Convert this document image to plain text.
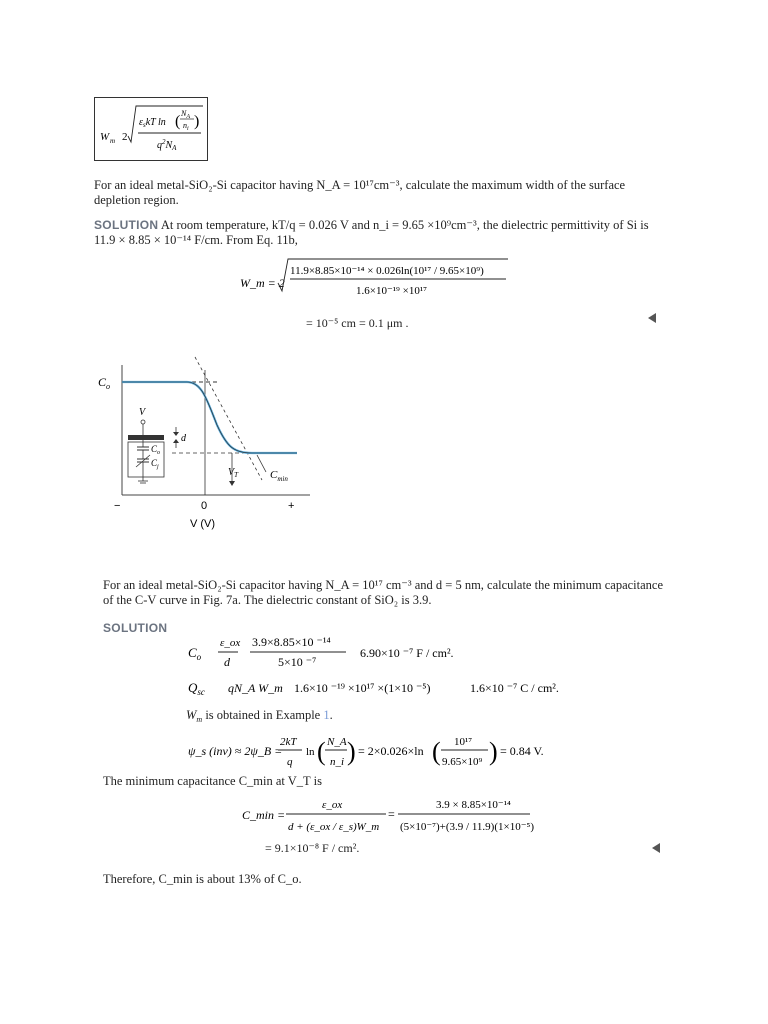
W m 2
$\varepsilon_skT$ ln ( $N_A$
$n_i$ )
$q^2N_A$
For an ideal metal-SiO₂-Si capacitor having N_A = 10¹⁷cm⁻³, calculate the maximum width of the surface depletion region.
SOLUTION At room temperature, kT/q = 0.026 V and n_i = 9.65 ×10⁹cm⁻³, the dielectric permittivity of Si is 11.9 × 8.85 × 10⁻¹⁴ F/cm. From Eq. 11b,
W_m = 2
11.9×8.85×10⁻¹⁴ × 0.026ln(10¹⁷ / 9.65×10⁹)
1.6×10⁻¹⁹ ×10¹⁷
= 10⁻⁵ cm = 0.1 μm .
$C_o$
V
$C_o$
$C_j$
d
$V_T$	$C_{min}$
−	0	+
V (V)
For an ideal metal-SiO₂-Si capacitor having N_A = 10¹⁷ cm⁻³ and d = 5 nm, calculate the minimum capacitance of the C-V curve in Fig. 7a. The dielectric constant of SiO₂ is 3.9.
SOLUTION
$C_o$
ε_ox
d
3.9×8.85×10 ⁻¹⁴
5×10 ⁻⁷
6.90×10 ⁻⁷ F / cm².
$Q_{sc}$ qN_A W_m 1.6×10 ⁻¹⁹ ×10¹⁷ ×(1×10 ⁻⁵)	1.6×10 ⁻⁷ C / cm².
$W_m$ is obtained in Example 1.
ψ_s (inv) ≈ 2ψ_B =
2kT
q
ln ( N_A
n_i ) = 2×0.026×ln ( 10¹⁷
9.65×10⁹ ) = 0.84 V.
The minimum capacitance C_min at V_T is
C_min =
ε_ox
d + (ε_ox / ε_s)W_m
=
3.9 × 8.85×10⁻¹⁴
(5×10⁻⁷)+(3.9 / 11.9)(1×10⁻⁵)
= 9.1×10⁻⁸ F / cm².
Therefore, C_min is about 13% of C_o.
